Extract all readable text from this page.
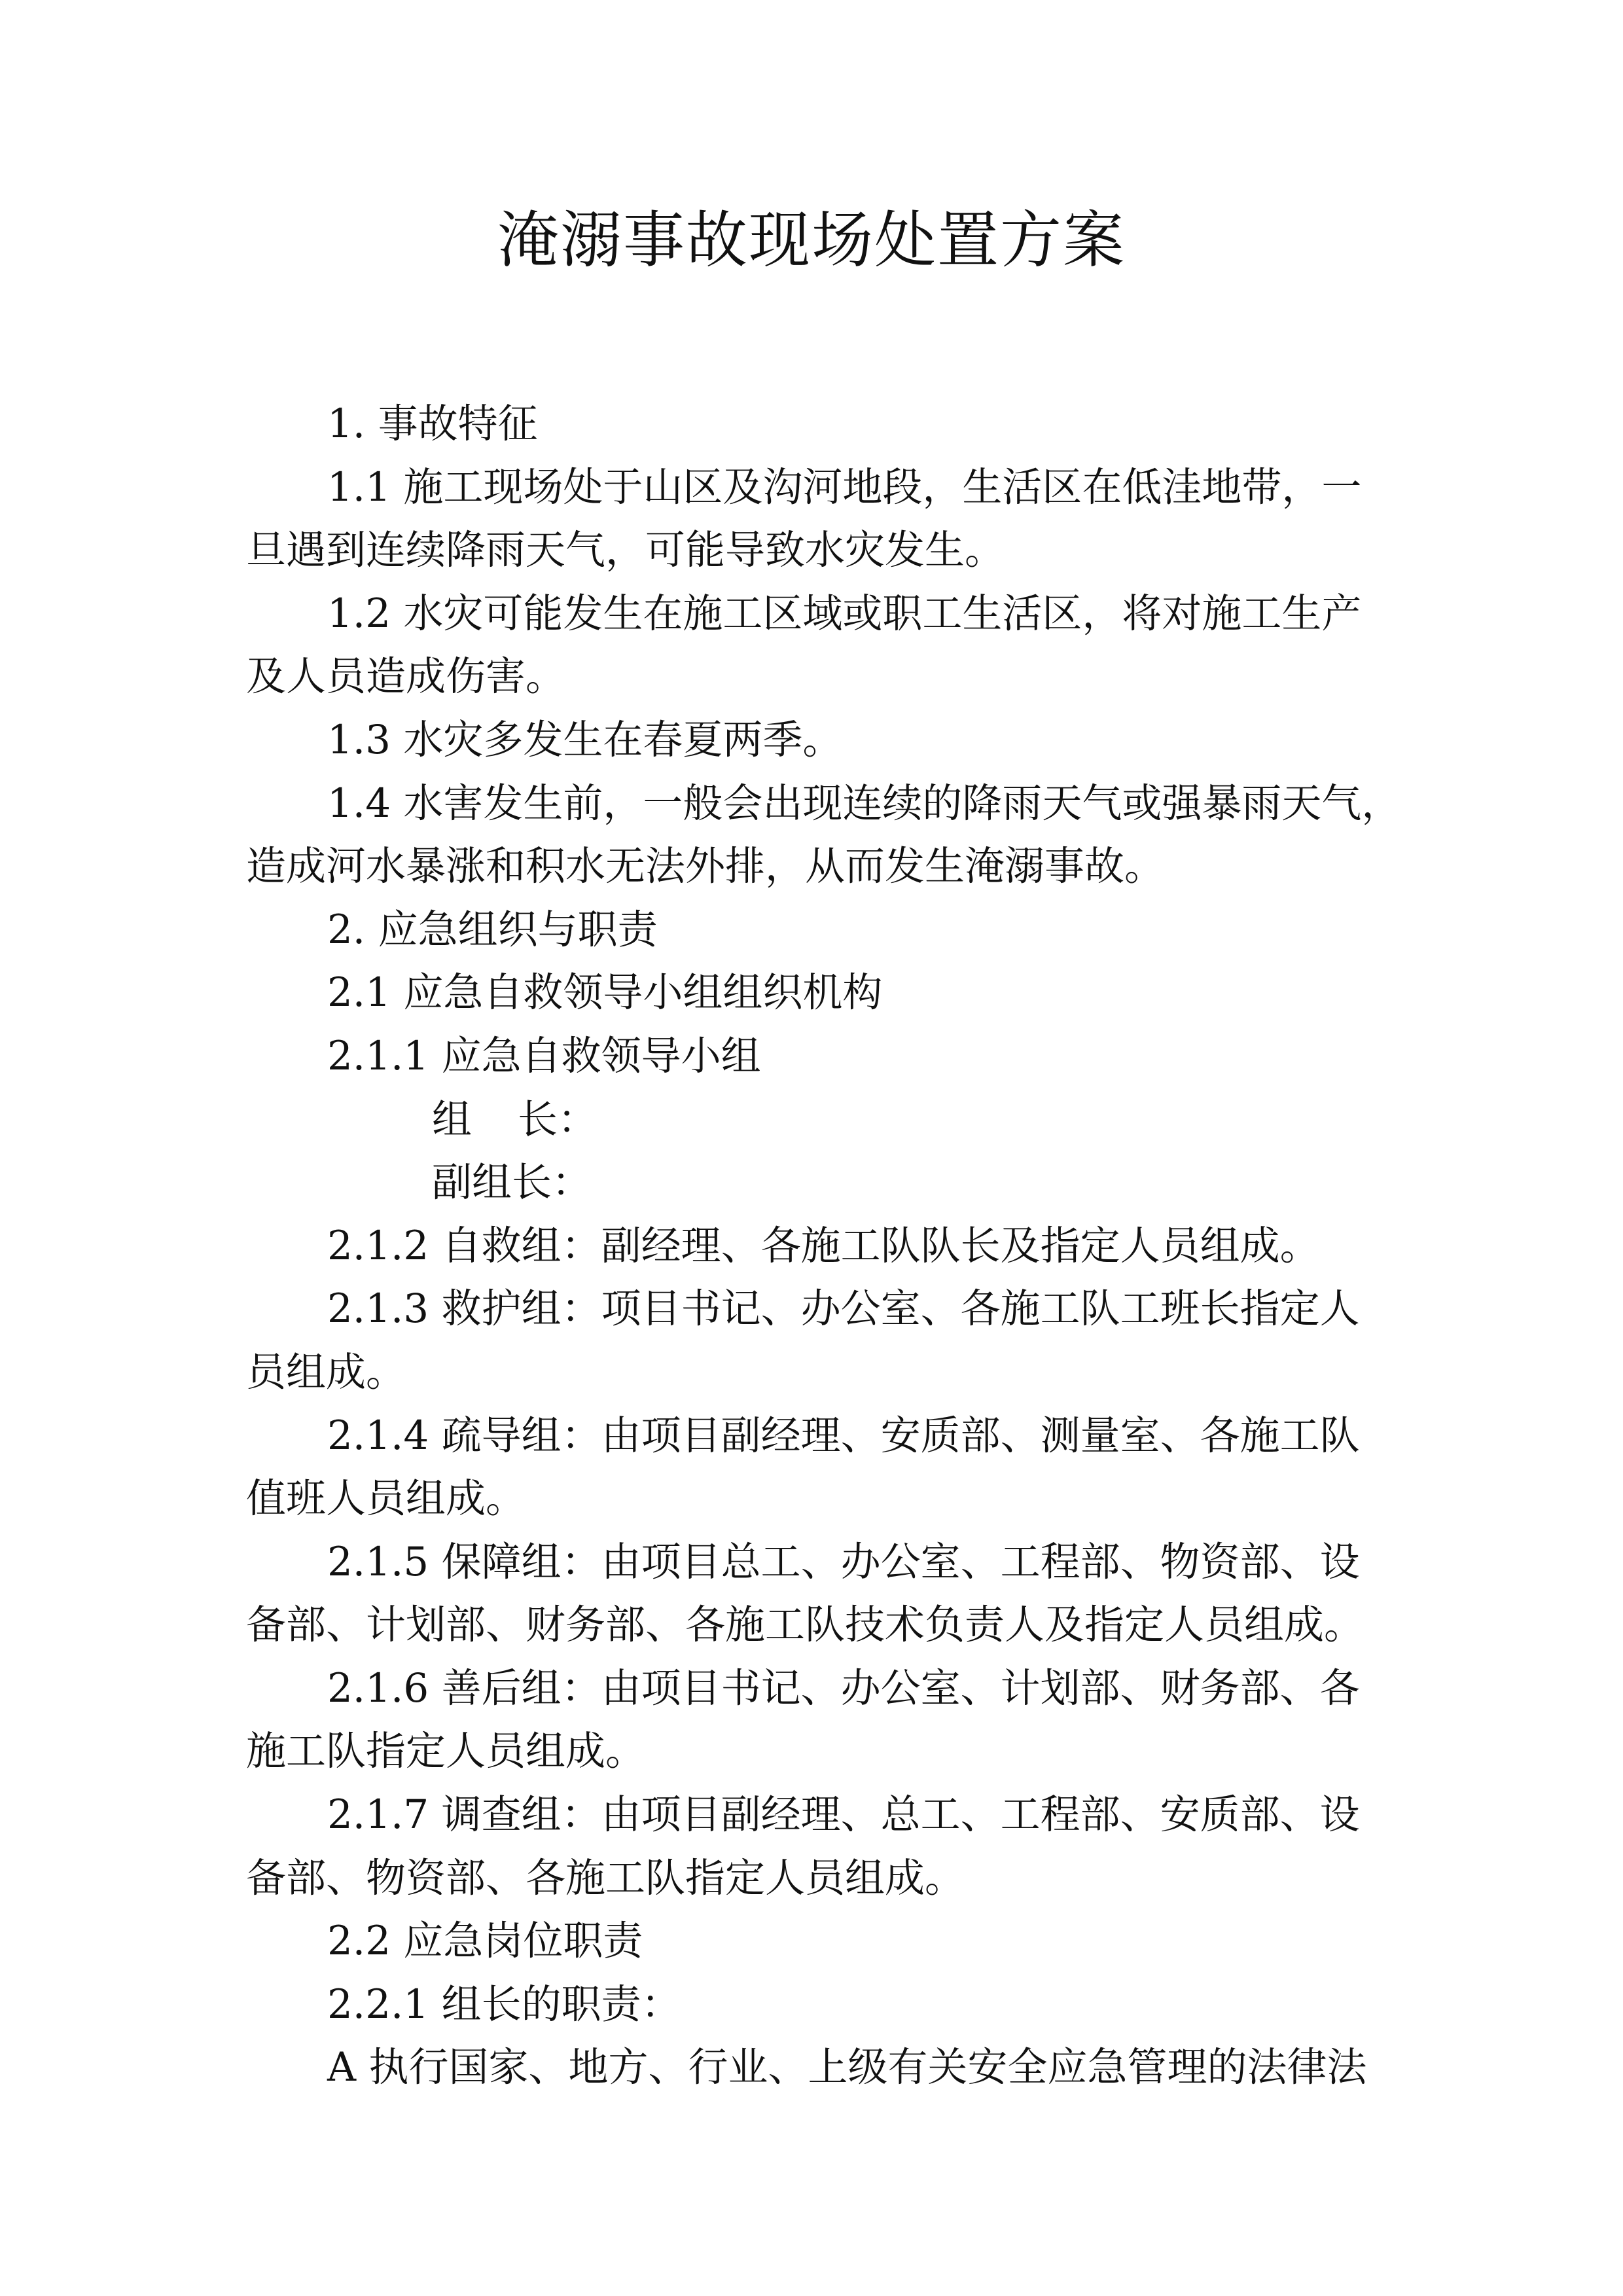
淹溺事故现场处置方案

1. 事故特征

1.1 施工现场处于山区及沟河地段，生活区在低洼地带，一

旦遇到连续降雨天气，可能导致水灾发生。

1.2 水灾可能发生在施工区域或职工生活区，将对施工生产

及人员造成伤害。

1.3 水灾多发生在春夏两季。

1.4 水害发生前，一般会出现连续的降雨天气或强暴雨天气，

造成河水暴涨和积水无法外排，从而发生淹溺事故。

2. 应急组织与职责

2.1 应急自救领导小组组织机构

2.1.1 应急自救领导小组

组 长：

副组长：

2.1.2 自救组：副经理、各施工队队长及指定人员组成。

2.1.3 救护组：项目书记、办公室、各施工队工班长指定人

员组成。

2.1.4 疏导组：由项目副经理、安质部、测量室、各施工队

值班人员组成。

2.1.5 保障组：由项目总工、办公室、工程部、物资部、设

备部、计划部、财务部、各施工队技术负责人及指定人员组成。

2.1.6 善后组：由项目书记、办公室、计划部、财务部、各

施工队指定人员组成。

2.1.7 调查组：由项目副经理、总工、工程部、安质部、设

备部、物资部、各施工队指定人员组成。

2.2 应急岗位职责

2.2.1 组长的职责：

A 执行国家、地方、行业、上级有关安全应急管理的法律法
